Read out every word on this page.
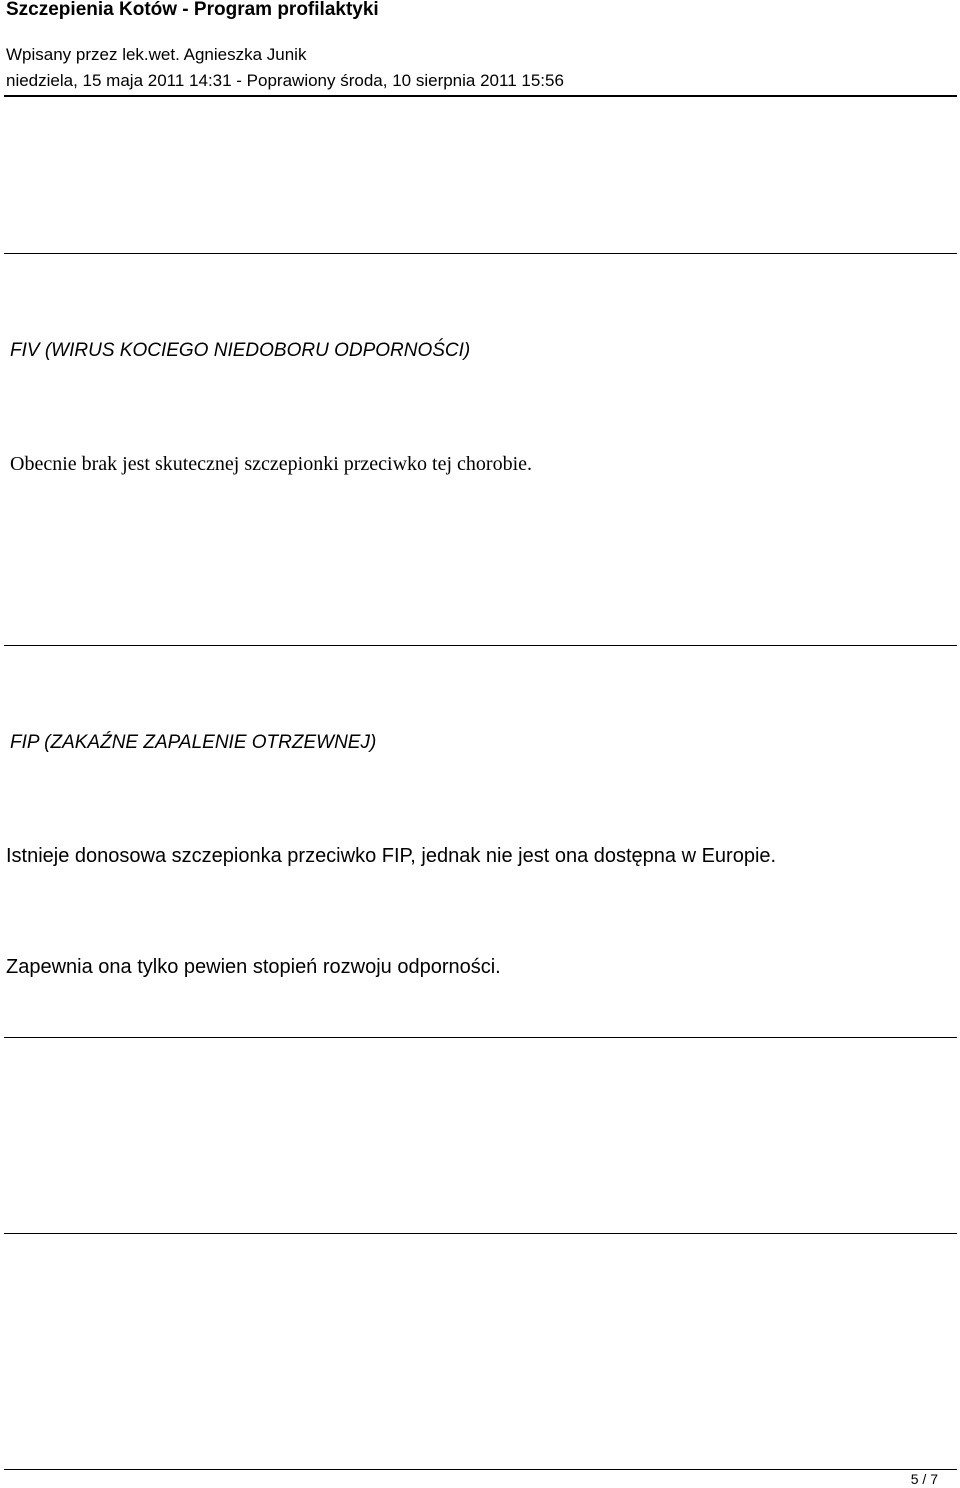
Szczepienia Kotów - Program profilaktyki
Wpisany przez lek.wet. Agnieszka Junik
niedziela, 15 maja 2011 14:31 - Poprawiony środa, 10 sierpnia 2011 15:56
FIV (WIRUS KOCIEGO NIEDOBORU ODPORNOŚCI)
Obecnie brak jest skutecznej szczepionki przeciwko tej chorobie.
FIP (ZAKAŹNE ZAPALENIE OTRZEWNEJ)
Istnieje donosowa szczepionka przeciwko FIP, jednak nie jest ona dostępna w Europie.
Zapewnia ona tylko pewien stopień rozwoju odporności.
5 / 7
